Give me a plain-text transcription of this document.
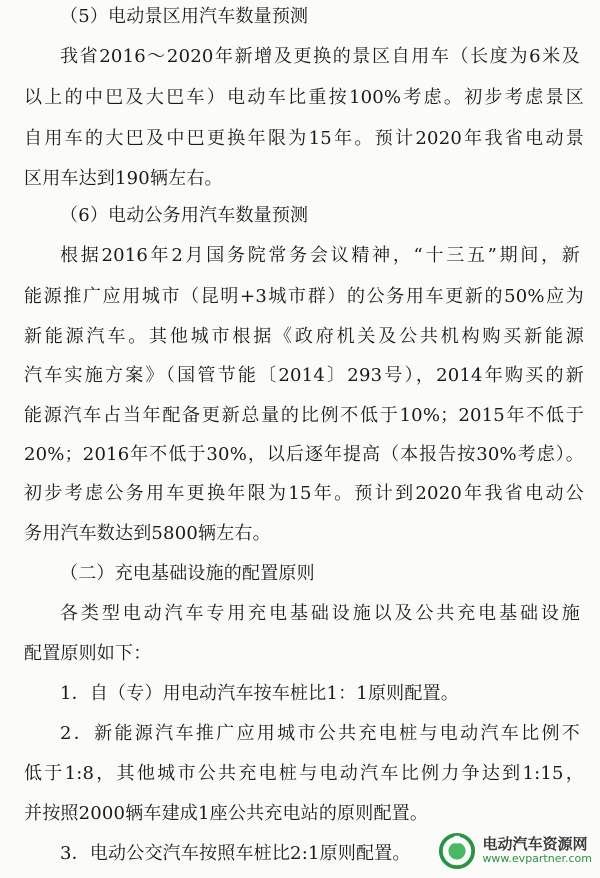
（5）电动景区用汽车数量预测
我省2016～2020年新增及更换的景区自用车（长度为6米及
以上的中巴及大巴车）电动车比重按100%考虑。初步考虑景区
自用车的大巴及中巴更换年限为15年。预计2020年我省电动景
区用车达到190辆左右。
（6）电动公务用汽车数量预测
根据2016年2月国务院常务会议精神，“十三五”期间，新
能源推广应用城市（昆明+3城市群）的公务用车更新的50%应为
新能源汽车。其他城市根据《政府机关及公共机构购买新能源
汽车实施方案》（国管节能〔2014〕293号），2014年购买的新
能源汽车占当年配备更新总量的比例不低于10%；2015年不低于
20%；2016年不低于30%，以后逐年提高（本报告按30%考虑）。
初步考虑公务用车更换年限为15年。预计到2020年我省电动公
务用汽车数达到5800辆左右。
（二）充电基础设施的配置原则
各类型电动汽车专用充电基础设施以及公共充电基础设施
配置原则如下：
1．自（专）用电动汽车按车桩比1：1原则配置。
2．新能源汽车推广应用城市公共充电桩与电动汽车比例不
低于1:8，其他城市公共充电桩与电动汽车比例力争达到1:15，
并按照2000辆车建成1座公共充电站的原则配置。
3．电动公交汽车按照车桩比2:1原则配置。	电动汽车资源网
www.evpartner.com
